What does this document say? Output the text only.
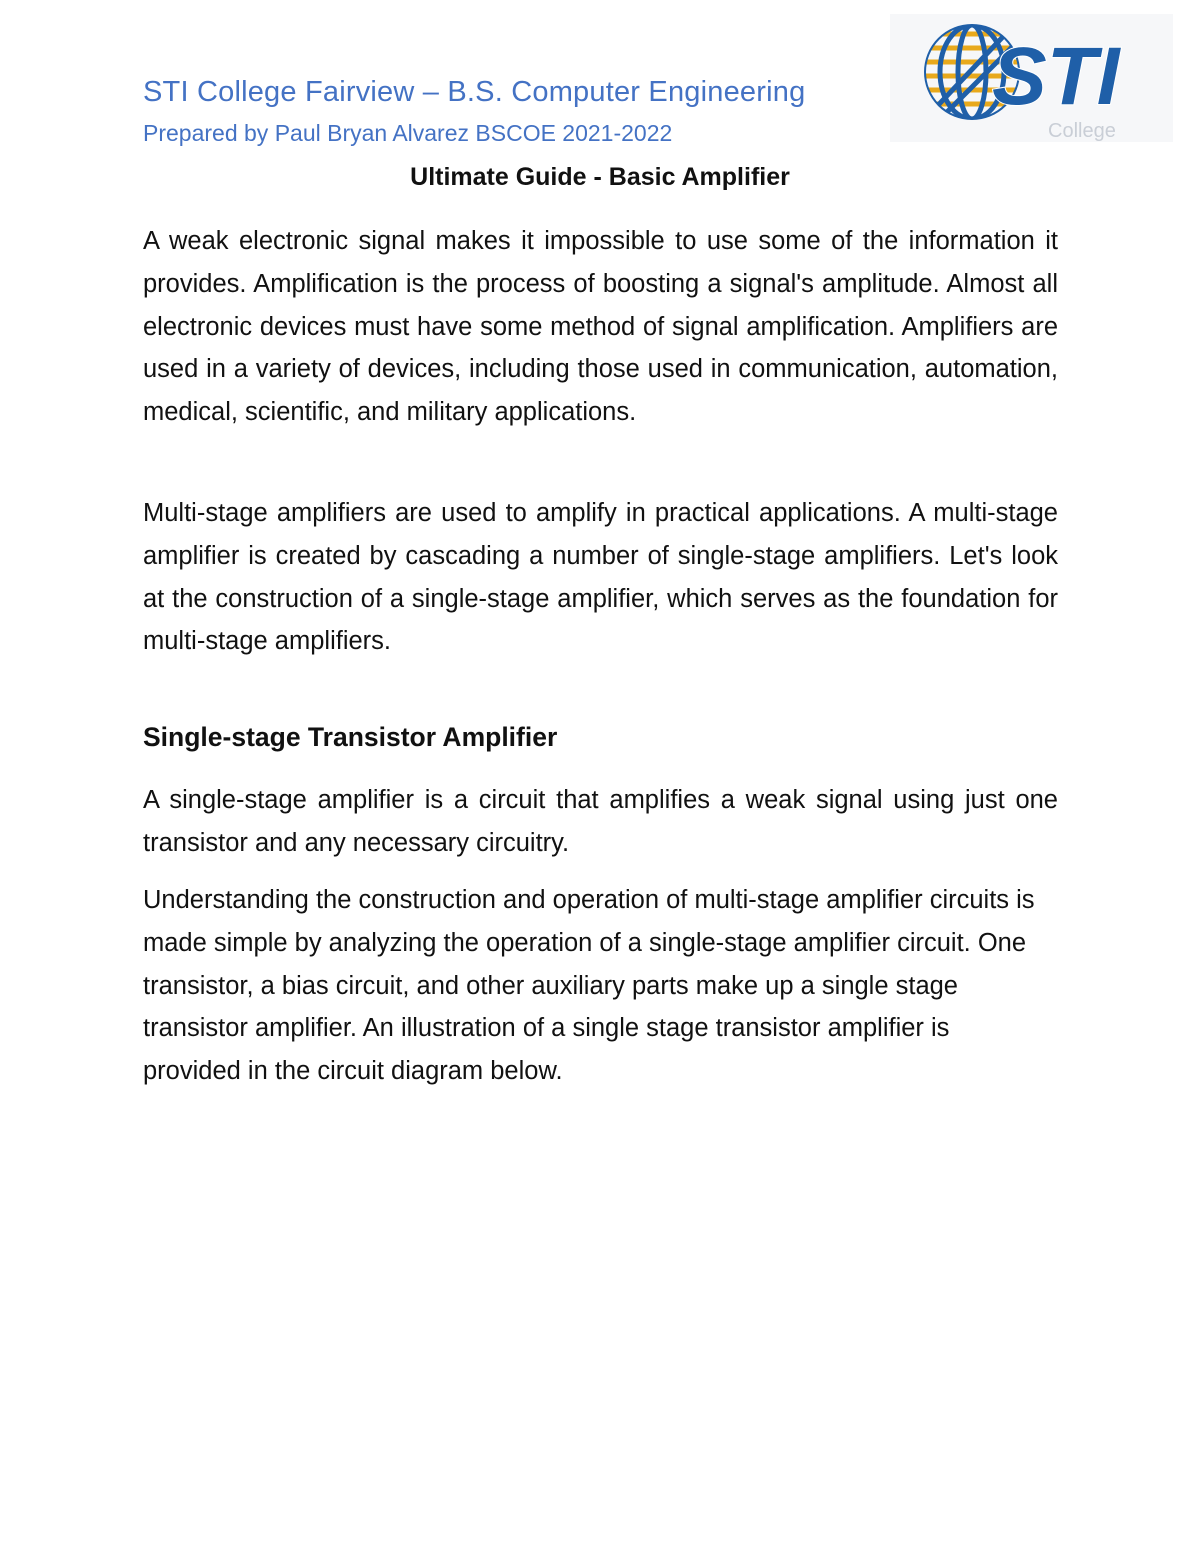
STI College Fairview – B.S. Computer Engineering
Prepared by Paul Bryan Alvarez BSCOE 2021-2022
STI
College
Ultimate Guide - Basic Amplifier

A weak electronic signal makes it impossible to use some of the information it provides. Amplification is the process of boosting a signal's amplitude. Almost all electronic devices must have some method of signal amplification. Amplifiers are used in a variety of devices, including those used in communication, automation, medical, scientific, and military applications.

Multi-stage amplifiers are used to amplify in practical applications. A multi-stage amplifier is created by cascading a number of single-stage amplifiers. Let's look at the construction of a single-stage amplifier, which serves as the foundation for multi-stage amplifiers.

Single-stage Transistor Amplifier

A single-stage amplifier is a circuit that amplifies a weak signal using just one transistor and any necessary circuitry.

Understanding the construction and operation of multi-stage amplifier circuits is made simple by analyzing the operation of a single-stage amplifier circuit. One transistor, a bias circuit, and other auxiliary parts make up a single stage transistor amplifier. An illustration of a single stage transistor amplifier is provided in the circuit diagram below.
